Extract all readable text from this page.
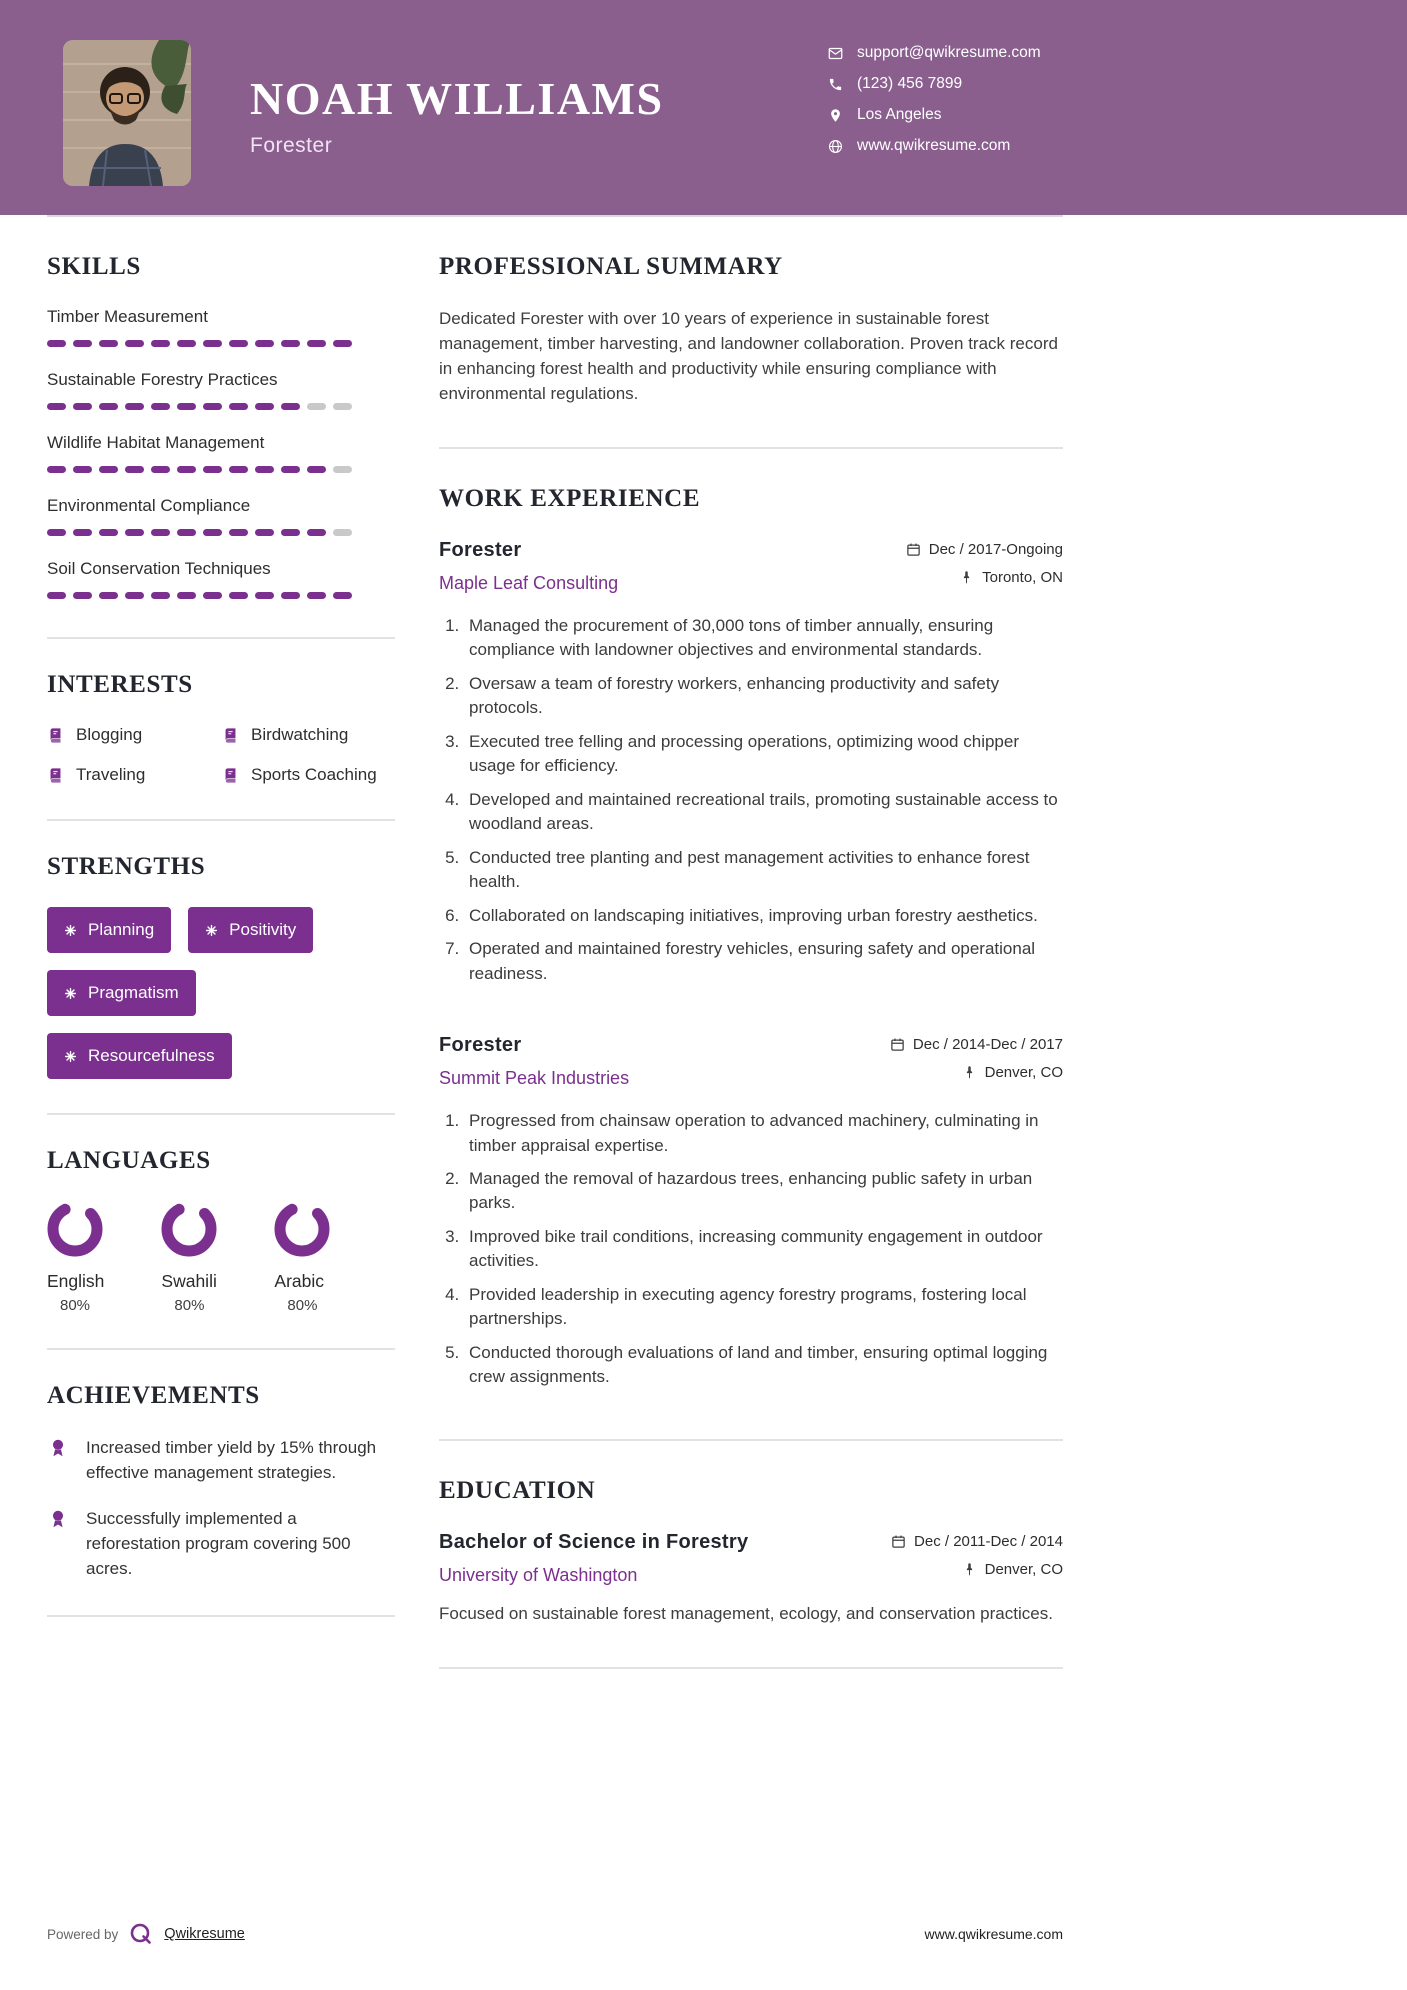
NOAH WILLIAMS
Forester
support@qwikresume.com
(123) 456 7899
Los Angeles
www.qwikresume.com
SKILLS
Timber Measurement
Sustainable Forestry Practices
Wildlife Habitat Management
Environmental Compliance
Soil Conservation Techniques
INTERESTS
Blogging	Birdwatching
Traveling	Sports Coaching
STRENGTHS
Planning	Positivity
Pragmatism
Resourcefulness
LANGUAGES
English
80%
Swahili
80%
Arabic
80%
ACHIEVEMENTS
Increased timber yield by 15% through effective management strategies.
Successfully implemented a reforestation program covering 500 acres.
PROFESSIONAL SUMMARY

Dedicated Forester with over 10 years of experience in sustainable forest management, timber harvesting, and landowner collaboration. Proven track record in enhancing forest health and productivity while ensuring compliance with environmental regulations.

WORK EXPERIENCE
Forester
Maple Leaf Consulting
Dec / 2017-Ongoing
Toronto, ON
1. Managed the procurement of 30,000 tons of timber annually, ensuring compliance with landowner objectives and environmental standards.
2. Oversaw a team of forestry workers, enhancing productivity and safety protocols.
3. Executed tree felling and processing operations, optimizing wood chipper usage for efficiency.
4. Developed and maintained recreational trails, promoting sustainable access to woodland areas.
5. Conducted tree planting and pest management activities to enhance forest health.
6. Collaborated on landscaping initiatives, improving urban forestry aesthetics.
7. Operated and maintained forestry vehicles, ensuring safety and operational readiness.
Forester
Summit Peak Industries
Dec / 2014-Dec / 2017
Denver, CO
1. Progressed from chainsaw operation to advanced machinery, culminating in timber appraisal expertise.
2. Managed the removal of hazardous trees, enhancing public safety in urban parks.
3. Improved bike trail conditions, increasing community engagement in outdoor activities.
4. Provided leadership in executing agency forestry programs, fostering local partnerships.
5. Conducted thorough evaluations of land and timber, ensuring optimal logging crew assignments.
EDUCATION
Bachelor of Science in Forestry
University of Washington
Dec / 2011-Dec / 2014
Denver, CO

Focused on sustainable forest management, ecology, and conservation practices.

Powered by	Qwikresume	www.qwikresume.com
